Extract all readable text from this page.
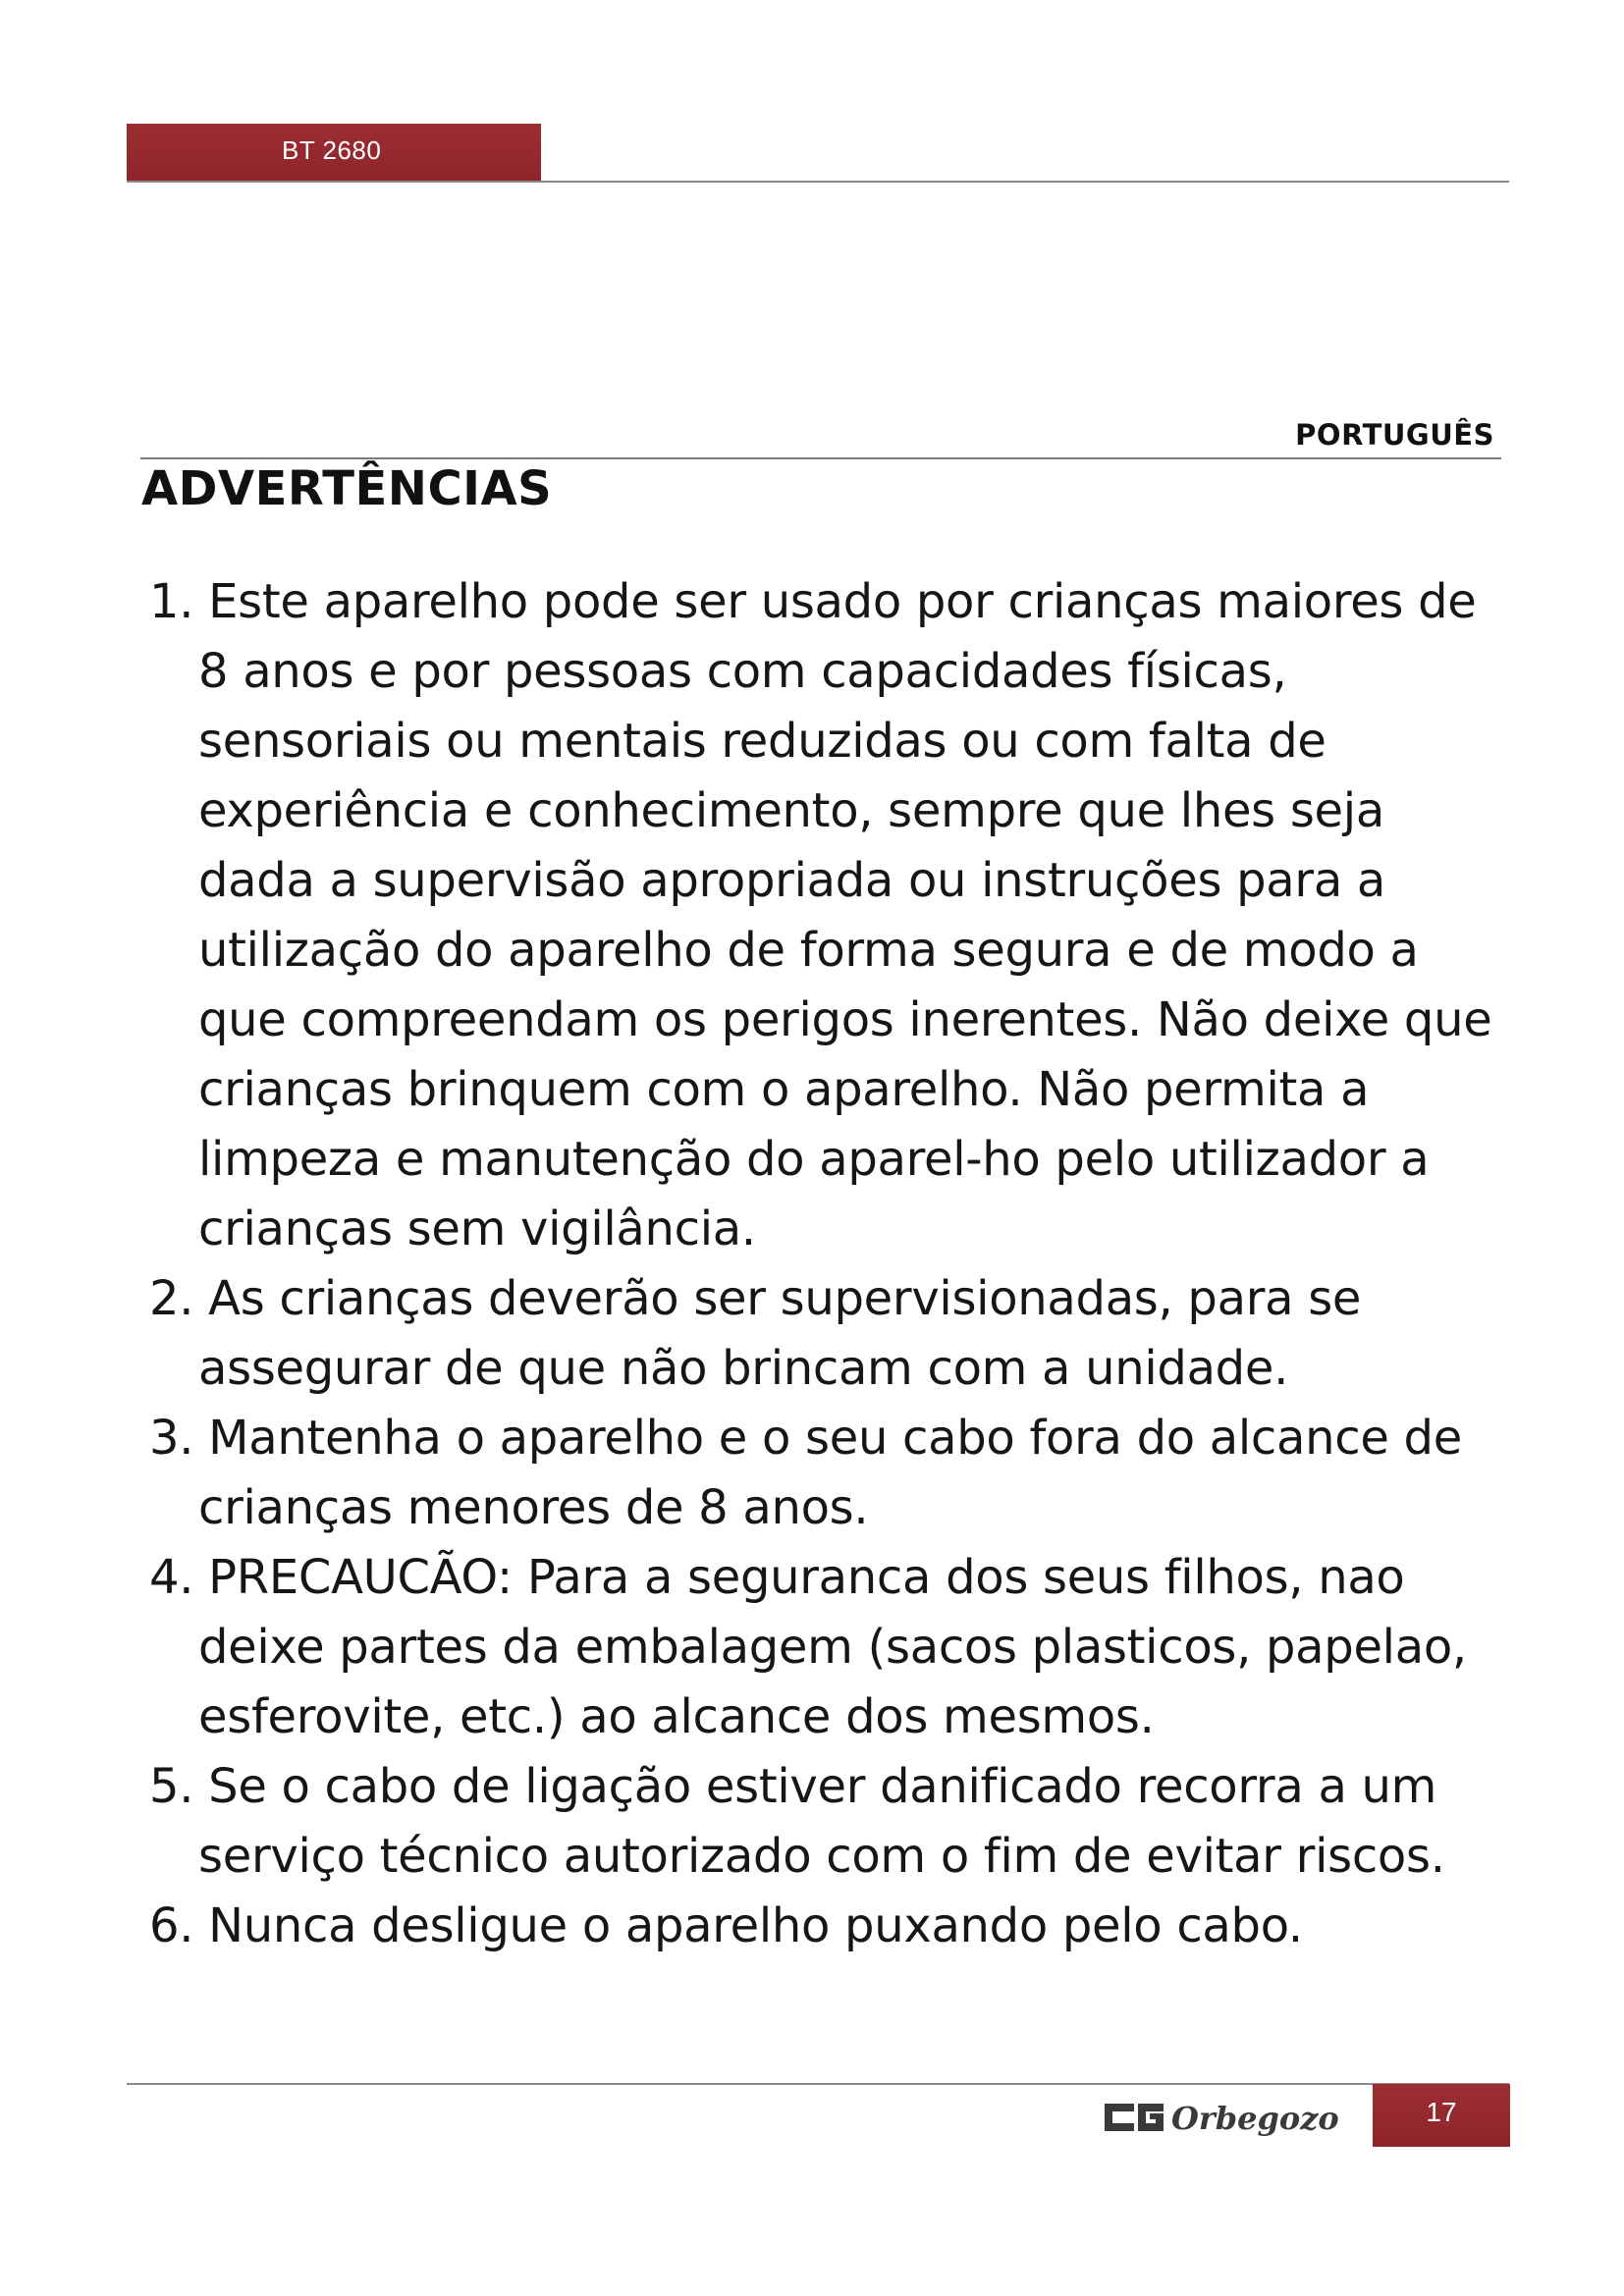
BT 2680
PORTUGUÊS
ADVERTÊNCIAS
1. Este aparelho pode ser usado por crianças maiores de 8 anos e por pessoas com capacidades físicas, sensoriais ou mentais reduzidas ou com falta de experiência e conhecimento, sempre que lhes seja dada a supervisão apropriada ou instruções para a utilização do aparelho de forma segura e de modo a que compreendam os perigos inerentes. Não deixe que crianças brinquem com o aparelho. Não permita a limpeza e manutenção do aparel-ho pelo utilizador a crianças sem vigilância.
2. As crianças deverão ser supervisionadas, para se assegurar de que não brincam com a unidade.
3. Mantenha o aparelho e o seu cabo fora do alcance de crianças menores de 8 anos.
4. PRECAUCÃO: Para a seguranca dos seus filhos, nao deixe partes da embalagem (sacos plasticos, papelao, esferovite, etc.) ao alcance dos mesmos.
5. Se o cabo de ligação estiver danificado recorra a um serviço técnico autorizado com o fim de evitar riscos.
6. Nunca desligue o aparelho puxando pelo cabo.
Orbegozo	17
